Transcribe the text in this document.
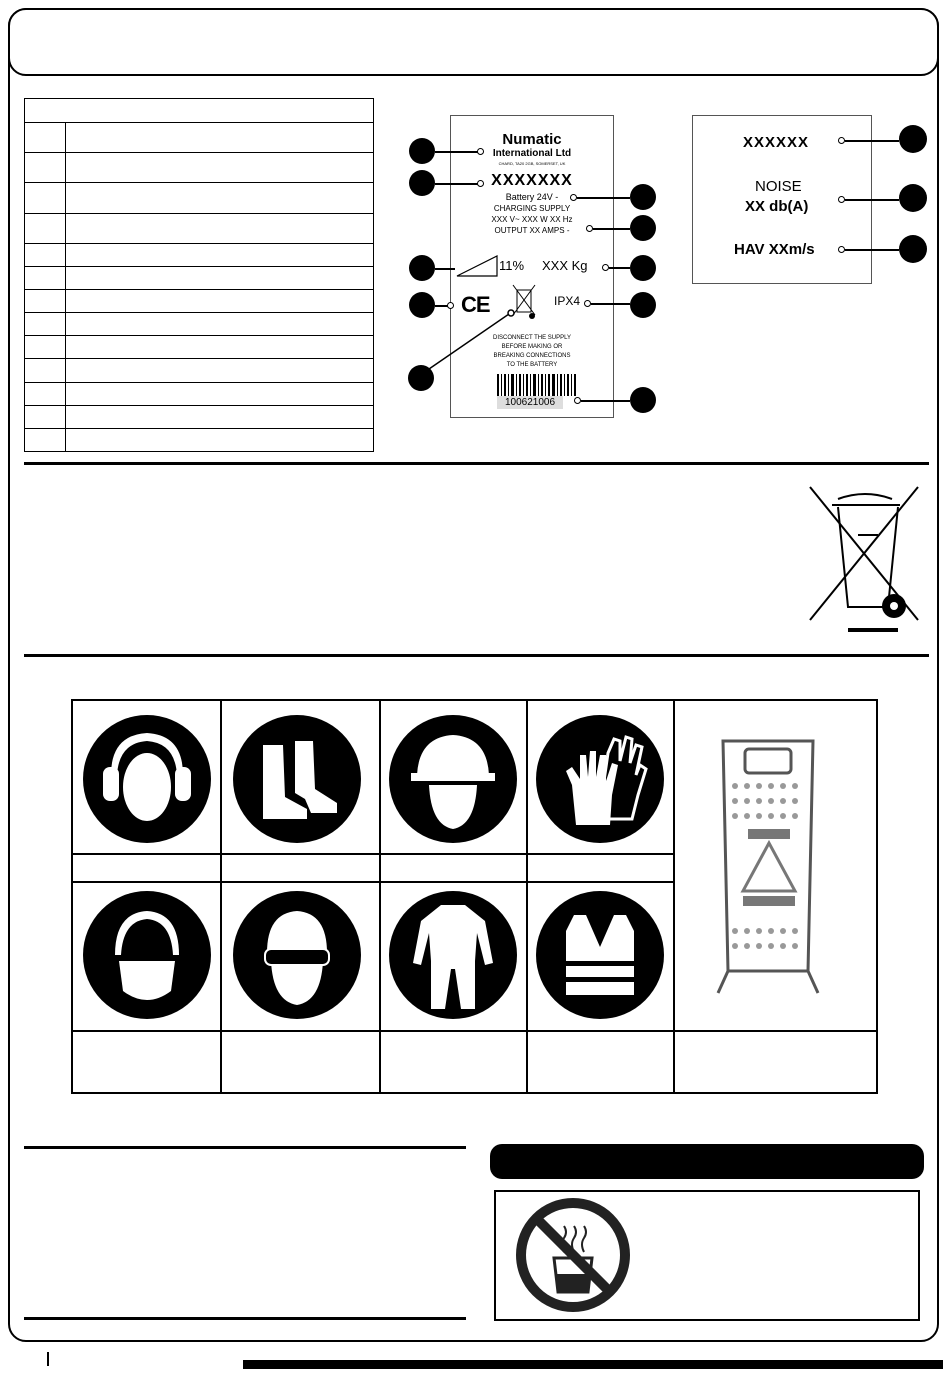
Numatic
International Ltd
CHARD, TA20 2GB, SOMERSET, UK
XXXXXXX
Battery 24V -
CHARGING SUPPLY
XXX V~ XXX W XX Hz
OUTPUT XX AMPS -
11% XXX Kg
CE	IPX4
DISCONNECT THE SUPPLY
BEFORE MAKING OR
BREAKING CONNECTIONS
TO THE BATTERY
100621006
XXXXXX
NOISE
XX db(A)
HAV XXm/s
